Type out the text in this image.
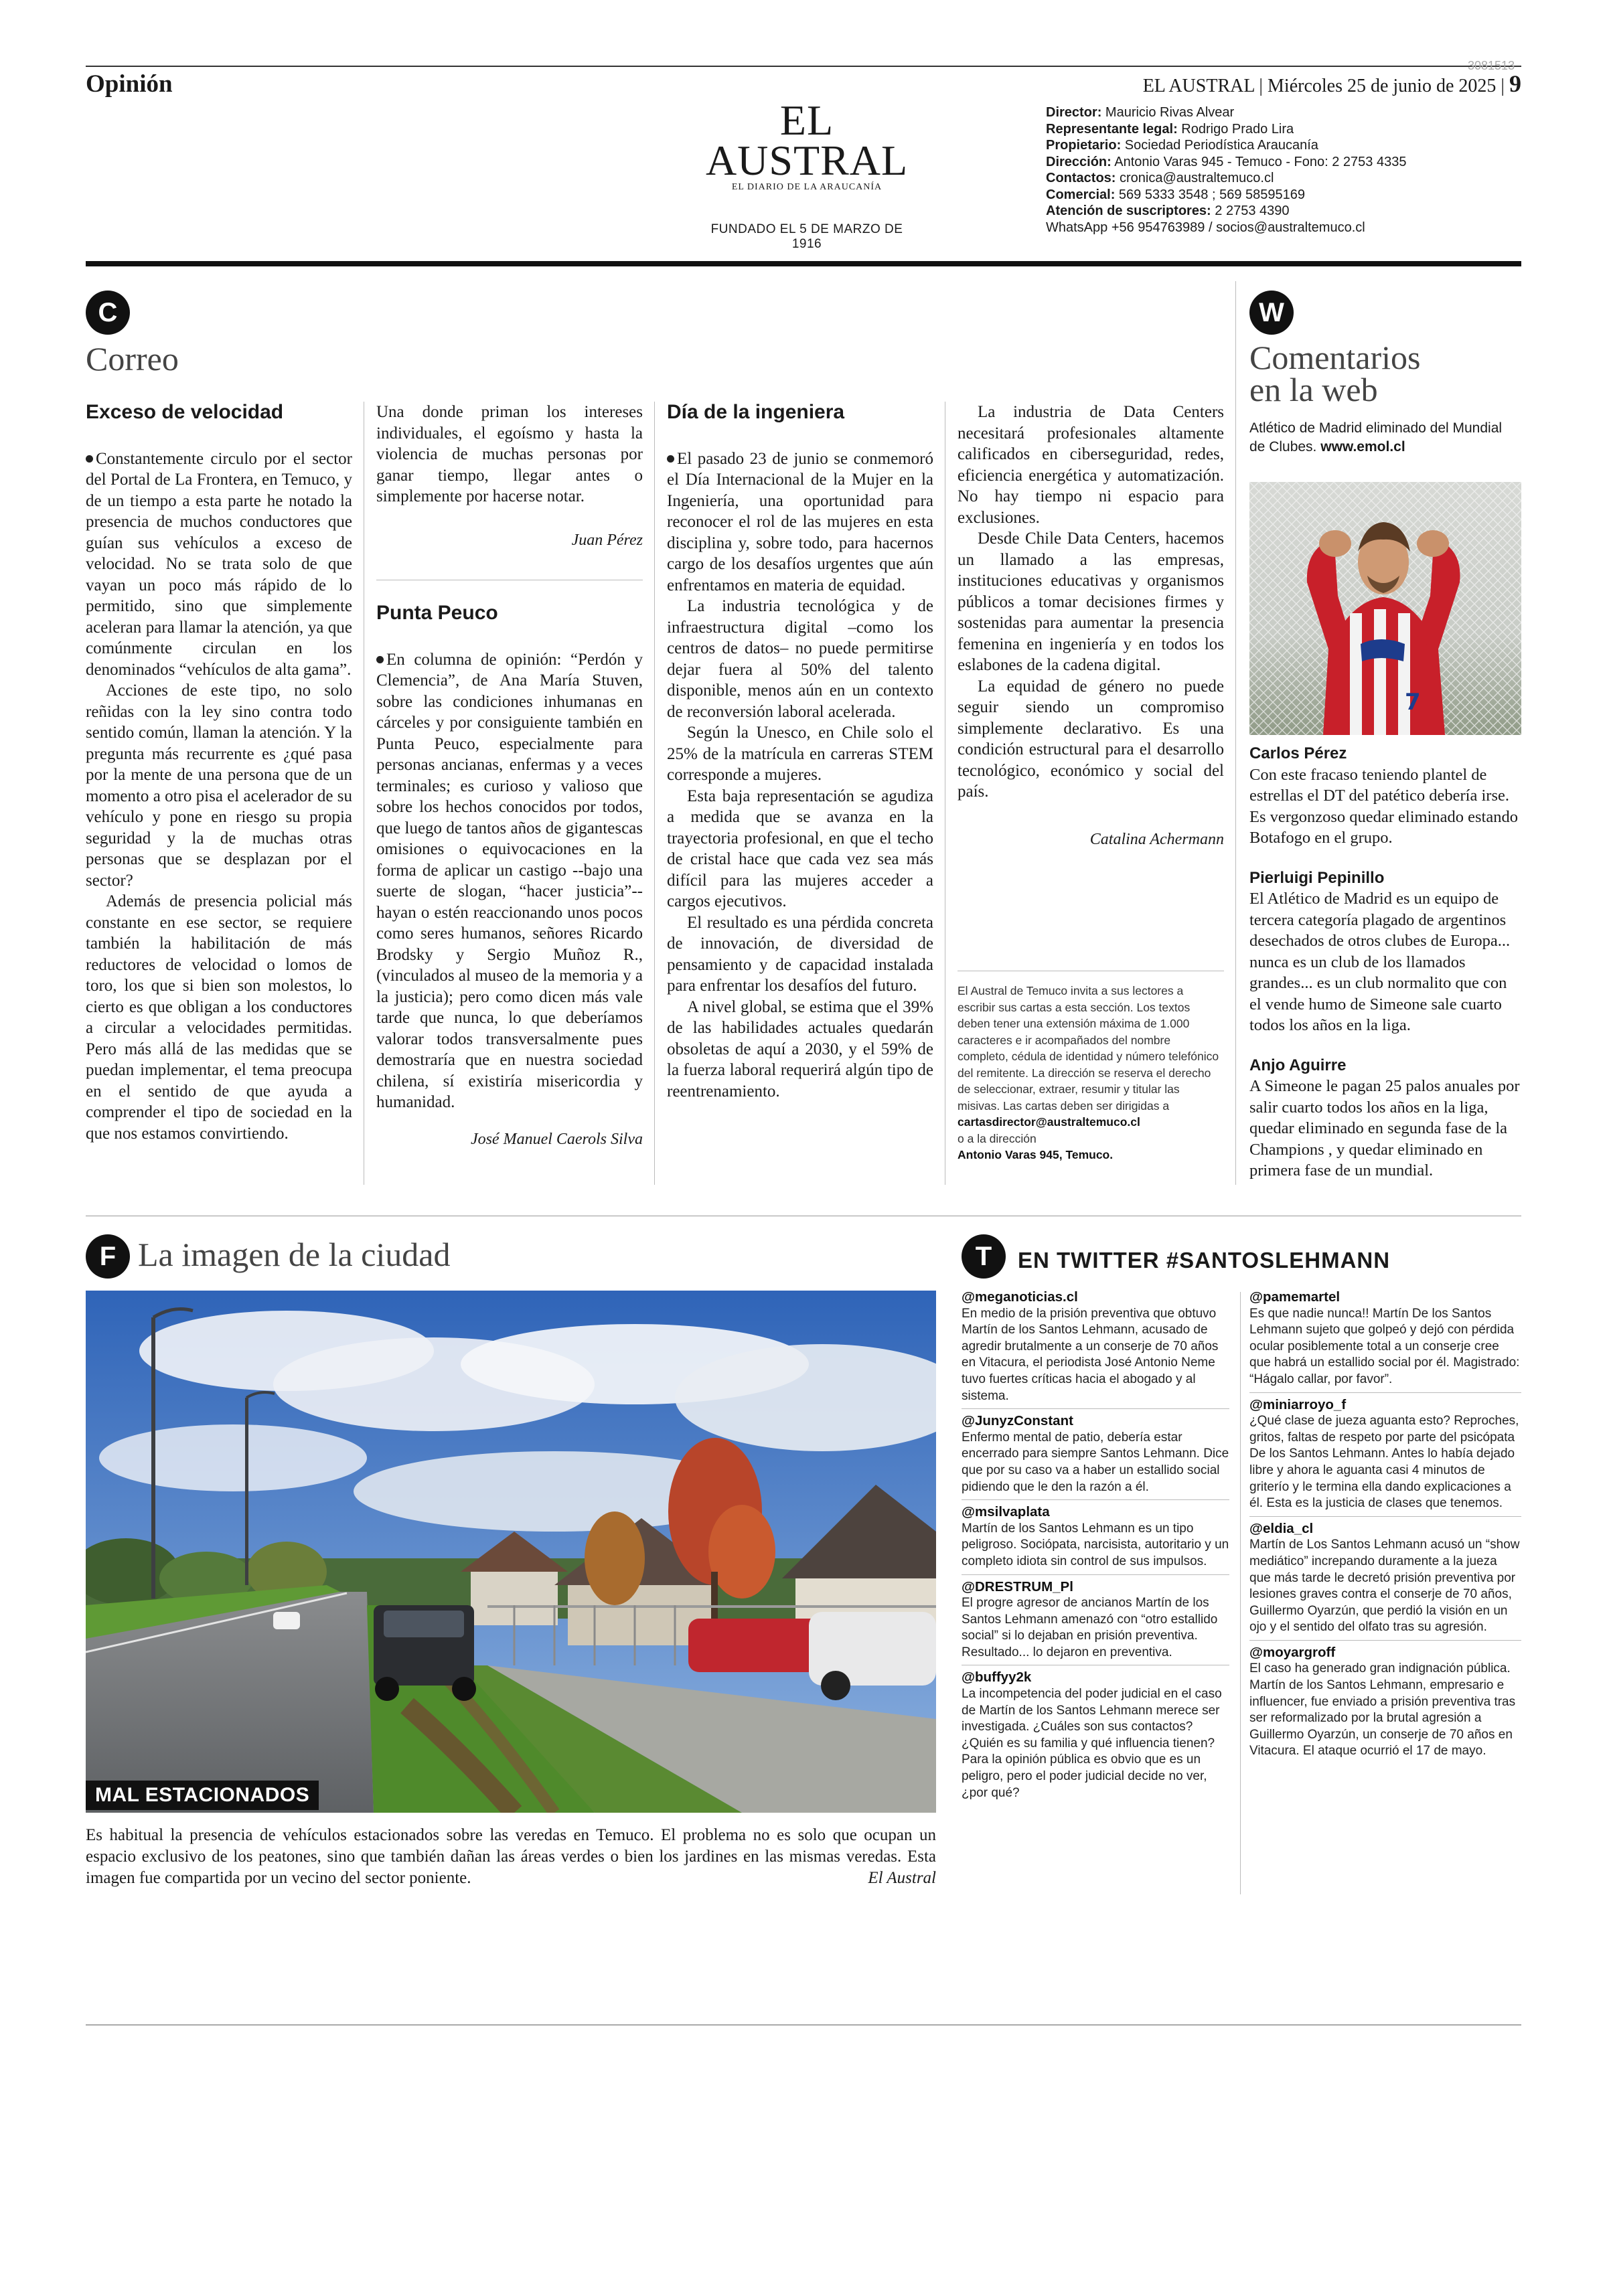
Opinión
3081513
EL AUSTRAL | Miércoles 25 de junio de 2025 | 9
EL AUSTRAL
EL DIARIO DE LA ARAUCANÍA
FUNDADO EL 5 DE MARZO DE 1916
Director: Mauricio Rivas Alvear
Representante legal: Rodrigo Prado Lira
Propietario: Sociedad Periodística Araucanía
Dirección: Antonio Varas 945 - Temuco - Fono: 2 2753 4335
Contactos: cronica@australtemuco.cl
Comercial: 569 5333 3548 ; 569 58595169
Atención de suscriptores: 2 2753 4390
WhatsApp +56 954763989 / socios@australtemuco.cl
C
Correo
Exceso de velocidad

Constantemente circulo por el sector del Portal de La Frontera, en Temuco, y de un tiempo a esta parte he notado la presencia de muchos conductores que guían sus vehículos a exceso de velocidad. No se trata solo de que vayan un poco más rápido de lo permitido, sino que simplemente aceleran para llamar la atención, ya que comúnmente circulan en los denominados “vehículos de alta gama”.

Acciones de este tipo, no solo reñidas con la ley sino contra todo sentido común, llaman la atención. Y la pregunta más recurrente es ¿qué pasa por la mente de una persona que de un momento a otro pisa el acelerador de su vehículo y pone en riesgo su propia seguridad y la de muchas otras personas que se desplazan por el sector?

Además de presencia policial más constante en ese sector, se requiere también la habilitación de más reductores de velocidad o lomos de toro, los que si bien son molestos, lo cierto es que obligan a los conductores a circular a velocidades permitidas. Pero más allá de las medidas que se puedan implementar, el tema preocupa en el sentido de que ayuda a comprender el tipo de sociedad en la que nos estamos convirtiendo.

Una donde priman los intereses individuales, el egoísmo y hasta la violencia de muchas personas por ganar tiempo, llegar antes o simplemente por hacerse notar.

Juan Pérez
Punta Peuco

En columna de opinión: “Perdón y Clemencia”, de Ana María Stuven, sobre las condiciones inhumanas en cárceles y por consiguiente también en Punta Peuco, especialmente para personas ancianas, enfermas y a veces terminales; es curioso y valioso que sobre los hechos conocidos por todos, que luego de tantos años de gigantescas omisiones o equivocaciones en la forma de aplicar un castigo --bajo una suerte de slogan, “hacer justicia”-- hayan o estén reaccionando unos pocos como seres humanos, señores Ricardo Brodsky y Sergio Muñoz R., (vinculados al museo de la memoria y a la justicia); pero como dicen más vale tarde que nunca, lo que deberíamos valorar todos transversalmente pues demostraría que en nuestra sociedad chilena, sí existiría misericordia y humanidad.

José Manuel Caerols Silva
Día de la ingeniera

El pasado 23 de junio se conmemoró el Día Internacional de la Mujer en la Ingeniería, una oportunidad para reconocer el rol de las mujeres en esta disciplina y, sobre todo, para hacernos cargo de los desafíos urgentes que aún enfrentamos en materia de equidad.

La industria tecnológica y de infraestructura digital –como los centros de datos– no puede permitirse dejar fuera al 50% del talento disponible, menos aún en un contexto de reconversión laboral acelerada.

Según la Unesco, en Chile solo el 25% de la matrícula en carreras STEM corresponde a mujeres.

Esta baja representación se agudiza a medida que se avanza en la trayectoria profesional, en que el techo de cristal hace que cada vez sea más difícil para las mujeres acceder a cargos ejecutivos.

El resultado es una pérdida concreta de innovación, de diversidad de pensamiento y de capacidad instalada para enfrentar los desafíos del futuro.

A nivel global, se estima que el 39% de las habilidades actuales quedarán obsoletas de aquí a 2030, y el 59% de la fuerza laboral requerirá algún tipo de reentrenamiento.

La industria de Data Centers necesitará profesionales altamente calificados en ciberseguridad, redes, eficiencia energética y automatización. No hay tiempo ni espacio para exclusiones.

Desde Chile Data Centers, hacemos un llamado a las empresas, instituciones educativas y organismos públicos a tomar decisiones firmes y sostenidas para aumentar la presencia femenina en ingeniería y en todos los eslabones de la cadena digital.

La equidad de género no puede seguir siendo un compromiso simplemente declarativo. Es una condición estructural para el desarrollo tecnológico, económico y social del país.

Catalina Achermann
El Austral de Temuco invita a sus lectores a escribir sus cartas a esta sección. Los textos deben tener una extensión máxima de 1.000 caracteres e ir acompañados del nombre completo, cédula de identidad y número telefónico del remitente. La dirección se reserva el derecho de seleccionar, extraer, resumir y titular las misivas. Las cartas deben ser dirigidas a cartasdirector@australtemuco.cl
o a la dirección
Antonio Varas 945, Temuco.
W
Comentarios
en la web
Atlético de Madrid eliminado del Mundial de Clubes. www.emol.cl
7
Carlos Pérez
Con este fracaso teniendo plantel de estrellas el DT del patético debería irse. Es vergonzoso quedar eliminado estando Botafogo en el grupo.
Pierluigi Pepinillo
El Atlético de Madrid es un equipo de tercera categoría plagado de argentinos desechados de otros clubes de Europa... nunca es un club de los llamados grandes... es un club normalito que con el vende humo de Simeone sale cuarto todos los años en la liga.
Anjo Aguirre
A Simeone le pagan 25 palos anuales por salir cuarto todos los años en la liga, quedar eliminado en segunda fase de la Champions , y quedar eliminado en primera fase de un mundial.
F La imagen de la ciudad
MAL ESTACIONADOS
Es habitual la presencia de vehículos estacionados sobre las veredas en Temuco. El problema no es solo que ocupan un espacio exclusivo de los peatones, sino que también dañan las áreas verdes o bien los jardines en las mismas veredas. Esta imagen fue compartida por un vecino del sector poniente.	El Austral
T	EN TWITTER #SANTOSLEHMANN
@meganoticias.cl
En medio de la prisión preventiva que obtuvo Martín de los Santos Lehmann, acusado de agredir brutalmente a un conserje de 70 años en Vitacura, el periodista José Antonio Neme tuvo fuertes críticas hacia el abogado y al sistema.
@JunyzConstant
Enfermo mental de patio, debería estar encerrado para siempre Santos Lehmann. Dice que por su caso va a haber un estallido social pidiendo que le den la razón a él.
@msilvaplata
Martín de los Santos Lehmann es un tipo peligroso. Sociópata, narcisista, autoritario y un completo idiota sin control de sus impulsos.
@DRESTRUM_Pl
El progre agresor de ancianos Martín de los Santos Lehmann amenazó con “otro estallido social” si lo dejaban en prisión preventiva. Resultado... lo dejaron en preventiva.
@buffyy2k
La incompetencia del poder judicial en el caso de Martín de los Santos Lehmann merece ser investigada. ¿Cuáles son sus contactos? ¿Quién es su familia y qué influencia tienen? Para la opinión pública es obvio que es un peligro, pero el poder judicial decide no ver, ¿por qué?
@pamemartel
Es que nadie nunca!! Martín De los Santos Lehmann sujeto que golpeó y dejó con pérdida ocular posiblemente total a un conserje cree que habrá un estallido social por él. Magistrado: “Hágalo callar, por favor”.
@miniarroyo_f
¿Qué clase de jueza aguanta esto? Reproches, gritos, faltas de respeto por parte del psicópata De los Santos Lehmann. Antes lo había dejado libre y ahora le aguanta casi 4 minutos de griterío y le termina ella dando explicaciones a él. Esta es la justicia de clases que tenemos.
@eldia_cl
Martín de Los Santos Lehmann acusó un “show mediático” increpando duramente a la jueza que más tarde le decretó prisión preventiva por lesiones graves contra el conserje de 70 años, Guillermo Oyarzún, que perdió la visión en un ojo y el sentido del olfato tras su agresión.
@moyargroff
El caso ha generado gran indignación pública. Martín de los Santos Lehmann, empresario e influencer, fue enviado a prisión preventiva tras ser reformalizado por la brutal agresión a Guillermo Oyarzún, un conserje de 70 años en Vitacura. El ataque ocurrió el 17 de mayo.
